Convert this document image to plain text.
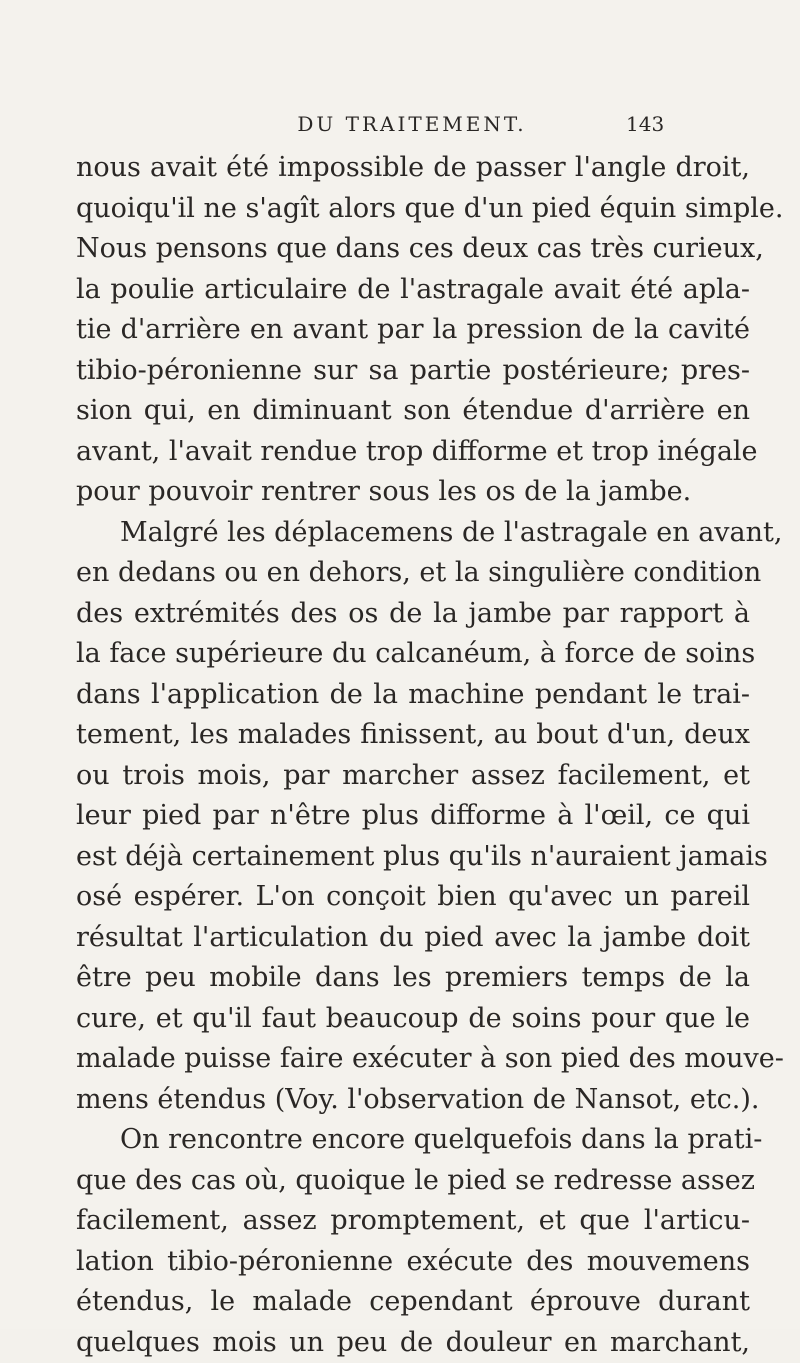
DU TRAITEMENT.	143
nous avait été impossible de passer l'angle droit,
quoiqu'il ne s'agît alors que d'un pied équin simple.
Nous pensons que dans ces deux cas très curieux,
la poulie articulaire de l'astragale avait été apla-
tie d'arrière en avant par la pression de la cavité
tibio-péronienne sur sa partie postérieure; pres-
sion qui, en diminuant son étendue d'arrière en
avant, l'avait rendue trop difforme et trop inégale
pour pouvoir rentrer sous les os de la jambe.
Malgré les déplacemens de l'astragale en avant,
en dedans ou en dehors, et la singulière condition
des extrémités des os de la jambe par rapport à
la face supérieure du calcanéum, à force de soins
dans l'application de la machine pendant le trai-
tement, les malades finissent, au bout d'un, deux
ou trois mois, par marcher assez facilement, et
leur pied par n'être plus difforme à l'œil, ce qui
est déjà certainement plus qu'ils n'auraient jamais
osé espérer. L'on conçoit bien qu'avec un pareil
résultat l'articulation du pied avec la jambe doit
être peu mobile dans les premiers temps de la
cure, et qu'il faut beaucoup de soins pour que le
malade puisse faire exécuter à son pied des mouve-
mens étendus (Voy. l'observation de Nansot, etc.).
On rencontre encore quelquefois dans la prati-
que des cas où, quoique le pied se redresse assez
facilement, assez promptement, et que l'articu-
lation tibio-péronienne exécute des mouvemens
étendus, le malade cependant éprouve durant
quelques mois un peu de douleur en marchant,
